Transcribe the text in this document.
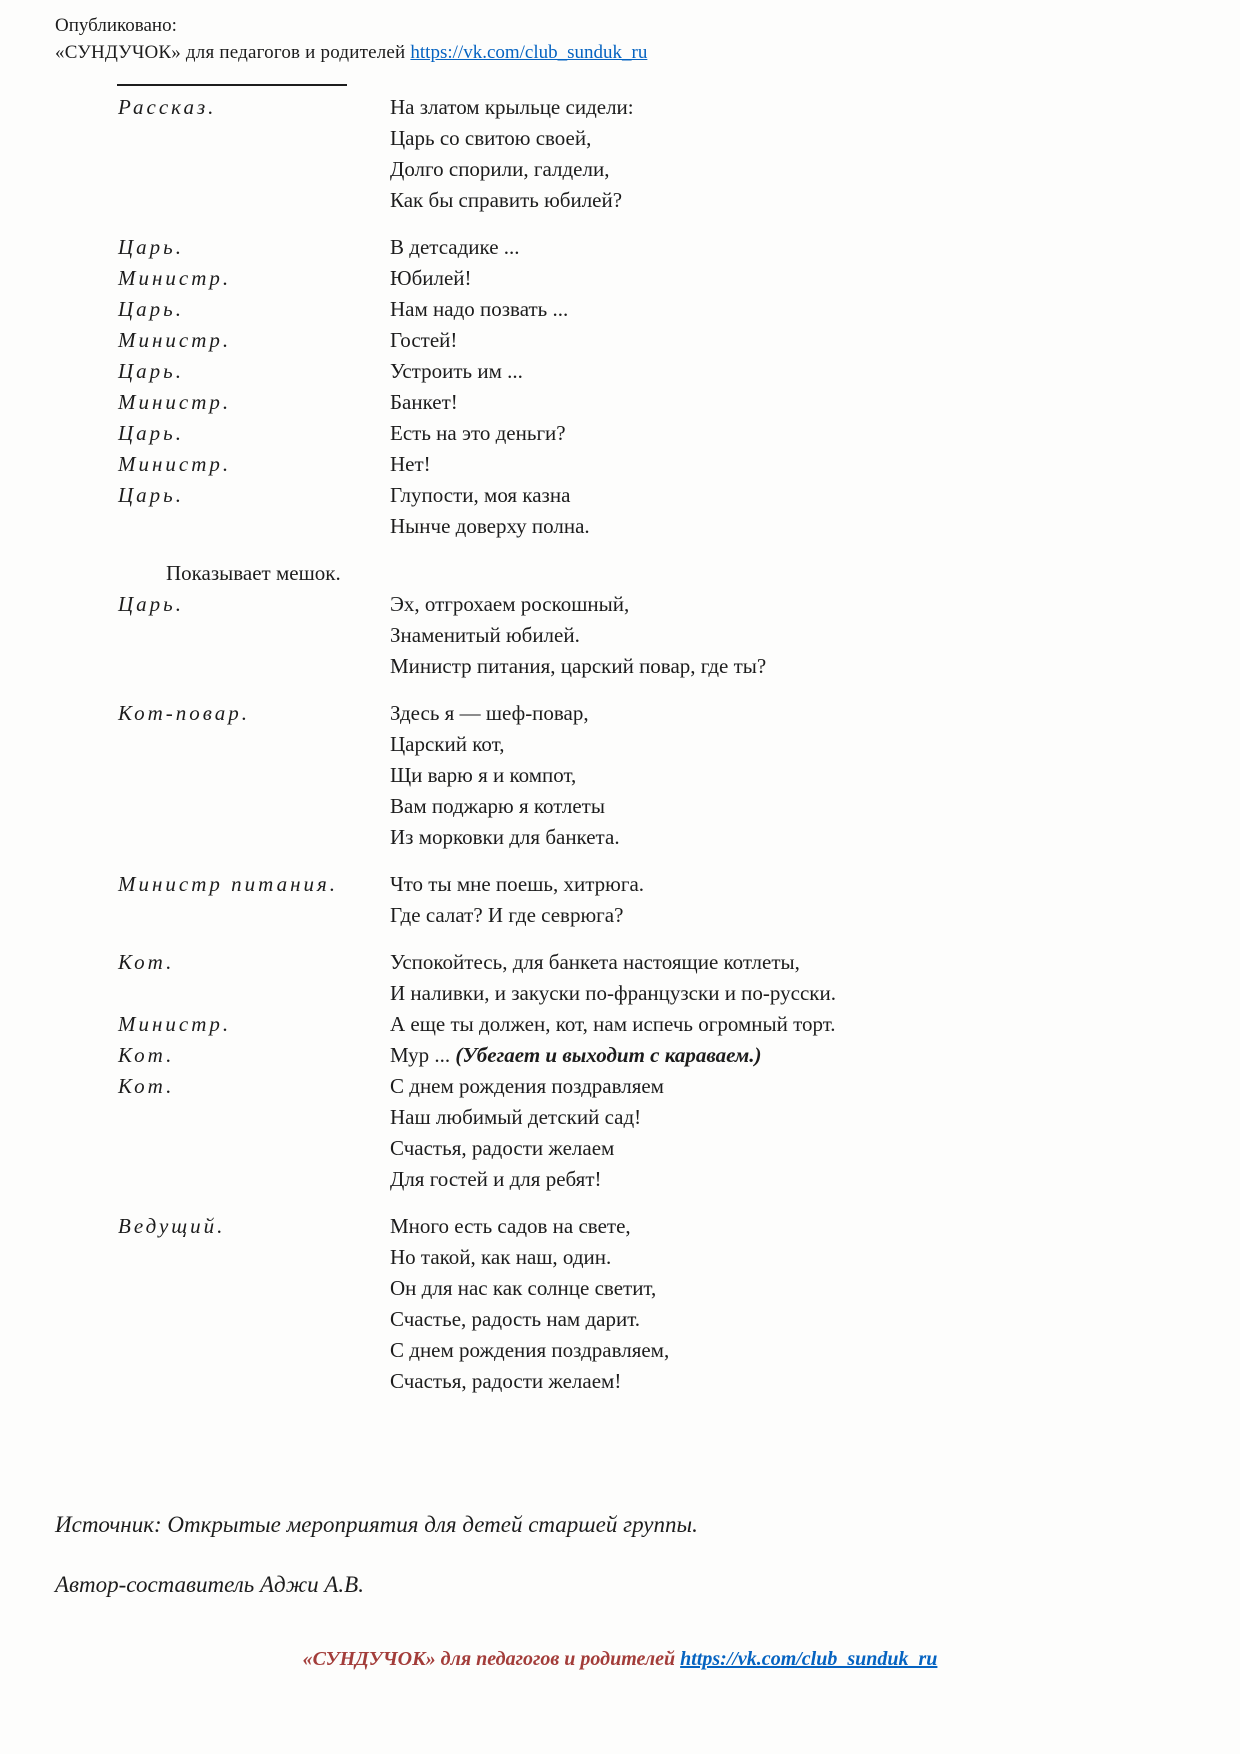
Опубликовано:
«СУНДУЧОК» для педагогов и родителей https://vk.com/club_sunduk_ru
Рассказ.	На златом крыльце сидели:
Царь со свитою своей,
Долго спорили, галдели,
Как бы справить юбилей?
Царь.	В детсадике ...
Министр.	Юбилей!
Царь.	Нам надо позвать ...
Министр.	Гостей!
Царь.	Устроить им ...
Министр.	Банкет!
Царь.	Есть на это деньги?
Министр.	Нет!
Царь.	Глупости, моя казна
Нынче доверху полна.
Показывает мешок.
Царь.	Эх, отгрохаем роскошный,
Знаменитый юбилей.
Министр питания, царский повар, где ты?
Кот-повар.	Здесь я — шеф-повар,
Царский кот,
Щи варю я и компот,
Вам поджарю я котлеты
Из морковки для банкета.
Министр питания.	Что ты мне поешь, хитрюга.
Где салат? И где севрюга?
Кот.	Успокойтесь, для банкета настоящие котлеты,
И наливки, и закуски по-французски и по-русски.
Министр.	А еще ты должен, кот, нам испечь огромный торт.
Кот.	Мур ... (Убегает и выходит с караваем.)
Кот.	С днем рождения поздравляем
Наш любимый детский сад!
Счастья, радости желаем
Для гостей и для ребят!
Ведущий.	Много есть садов на свете,
Но такой, как наш, один.
Он для нас как солнце светит,
Счастье, радость нам дарит.
С днем рождения поздравляем,
Счастья, радости желаем!
Источник: Открытые мероприятия для детей старшей группы.
Автор-составитель Аджи А.В.
«СУНДУЧОК» для педагогов и родителей https://vk.com/club_sunduk_ru
